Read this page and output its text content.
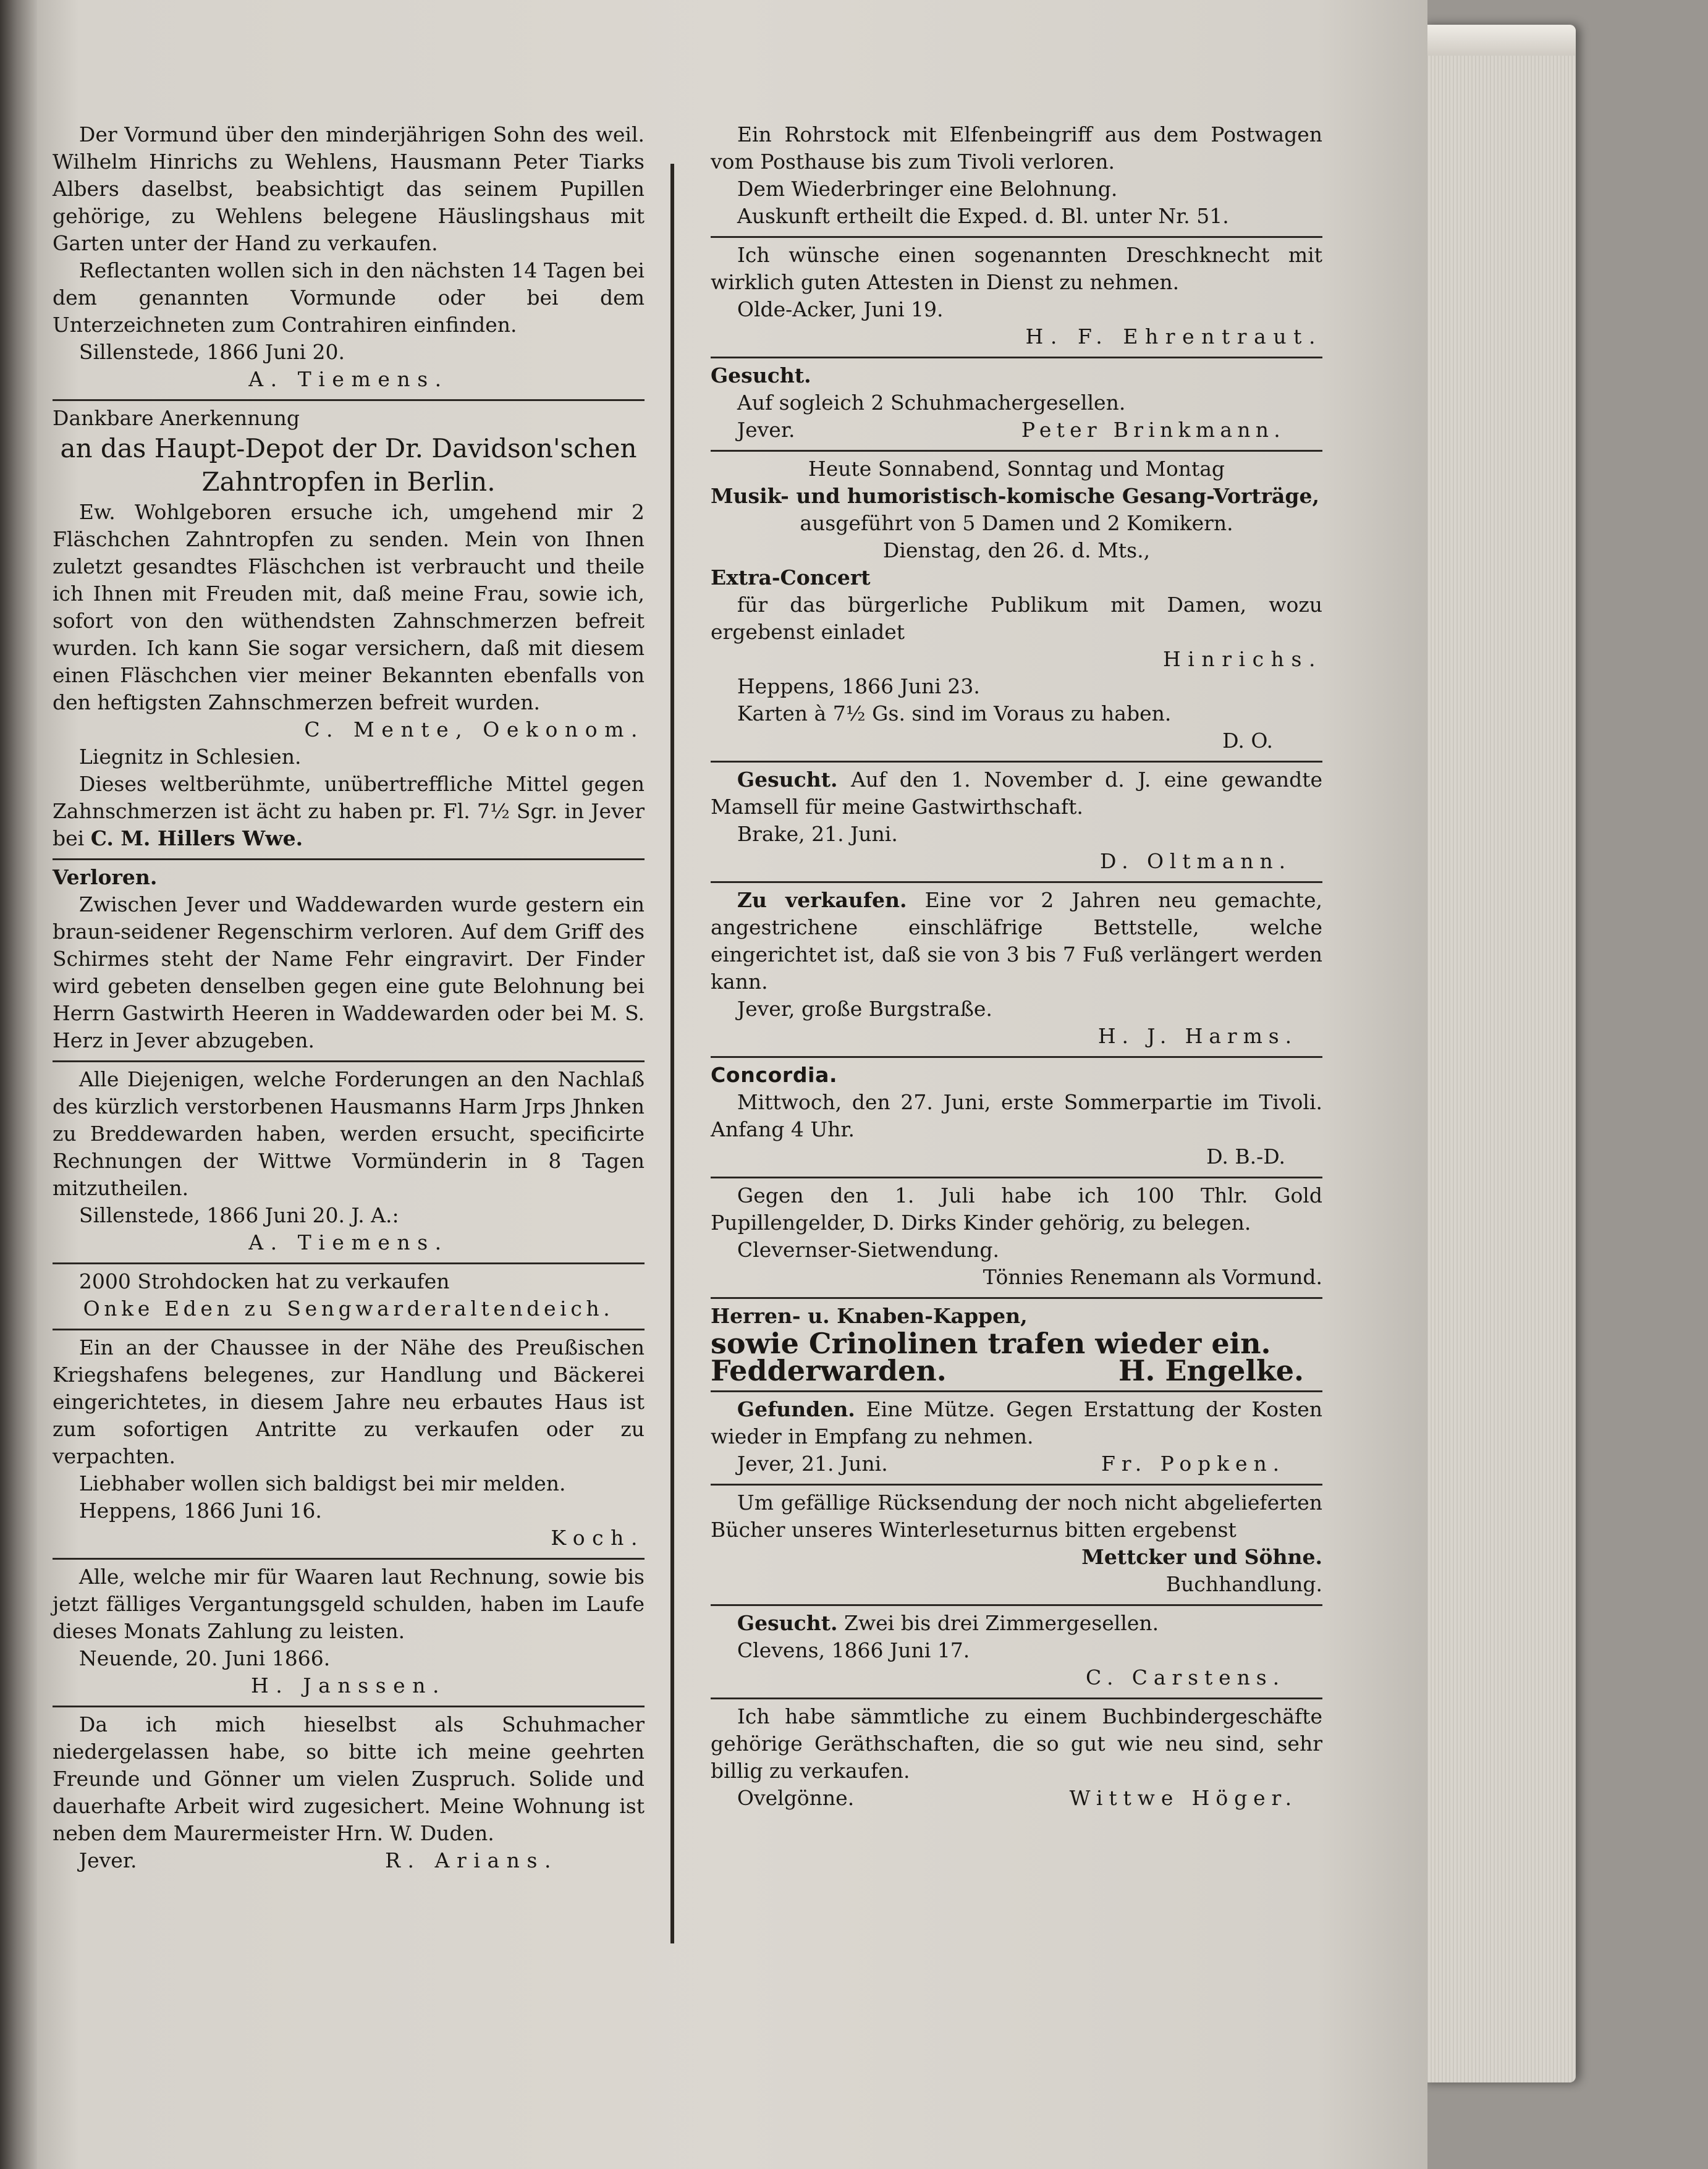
Der Vormund über den minderjährigen Sohn des weil. Wilhelm Hinrichs zu Wehlens, Hausmann Peter Tiarks Albers daselbst, beabsichtigt das seinem Pupillen gehörige, zu Wehlens belegene Häuslingshaus mit Garten unter der Hand zu verkaufen.

Reflectanten wollen sich in den nächsten 14 Tagen bei dem genannten Vormunde oder bei dem Unterzeichneten zum Contrahiren einfinden.

Sillenstede, 1866 Juni 20.

A. Tiemens.

Dankbare Anerkennung

an das Haupt-Depot der Dr. Davidson'schen Zahntropfen in Berlin.

Ew. Wohlgeboren ersuche ich, umgehend mir 2 Fläschchen Zahntropfen zu senden. Mein von Ihnen zuletzt gesandtes Fläschchen ist verbraucht und theile ich Ihnen mit Freuden mit, daß meine Frau, sowie ich, sofort von den wüthendsten Zahnschmerzen befreit wurden. Ich kann Sie sogar versichern, daß mit diesem einen Fläschchen vier meiner Bekannten ebenfalls von den heftigsten Zahnschmerzen befreit wurden.

C. Mente, Oekonom.

Liegnitz in Schlesien.

Dieses weltberühmte, unübertreffliche Mittel gegen Zahnschmerzen ist ächt zu haben pr. Fl. 7½ Sgr. in Jever bei C. M. Hillers Wwe.

Verloren.

Zwischen Jever und Waddewarden wurde gestern ein braun-seidener Regenschirm verloren. Auf dem Griff des Schirmes steht der Name Fehr eingravirt. Der Finder wird gebeten denselben gegen eine gute Belohnung bei Herrn Gastwirth Heeren in Waddewarden oder bei M. S. Herz in Jever abzugeben.

Alle Diejenigen, welche Forderungen an den Nachlaß des kürzlich verstorbenen Hausmanns Harm Jrps Jhnken zu Breddewarden haben, werden ersucht, specificirte Rechnungen der Wittwe Vormünderin in 8 Tagen mitzutheilen.

Sillenstede, 1866 Juni 20. J. A.:

A. Tiemens.

2000 Strohdocken hat zu verkaufen

Onke Eden zu Sengwarderaltendeich.

Ein an der Chaussee in der Nähe des Preußischen Kriegshafens belegenes, zur Handlung und Bäckerei eingerichtetes, in diesem Jahre neu erbautes Haus ist zum sofortigen Antritte zu verkaufen oder zu verpachten.

Liebhaber wollen sich baldigst bei mir melden.

Heppens, 1866 Juni 16.

Koch.

Alle, welche mir für Waaren laut Rechnung, sowie bis jetzt fälliges Vergantungsgeld schulden, haben im Laufe dieses Monats Zahlung zu leisten.

Neuende, 20. Juni 1866.

H. Janssen.

Da ich mich hieselbst als Schuhmacher niedergelassen habe, so bitte ich meine geehrten Freunde und Gönner um vielen Zuspruch. Solide und dauerhafte Arbeit wird zugesichert. Meine Wohnung ist neben dem Maurermeister Hrn. W. Duden.

Jever.	R. Arians.

Ein Rohrstock mit Elfenbeingriff aus dem Postwagen vom Posthause bis zum Tivoli verloren.

Dem Wiederbringer eine Belohnung.

Auskunft ertheilt die Exped. d. Bl. unter Nr. 51.

Ich wünsche einen sogenannten Dreschknecht mit wirklich guten Attesten in Dienst zu nehmen.

Olde-Acker, Juni 19.

H. F. Ehrentraut.

Gesucht.

Auf sogleich 2 Schuhmachergesellen.

Jever.	Peter Brinkmann.

Heute Sonnabend, Sonntag und Montag

Musik- und humoristisch-komische Gesang-Vorträge,

ausgeführt von 5 Damen und 2 Komikern.

Dienstag, den 26. d. Mts.,

Extra-Concert

für das bürgerliche Publikum mit Damen, wozu ergebenst einladet

Hinrichs.

Heppens, 1866 Juni 23.

Karten à 7½ Gs. sind im Voraus zu haben.

D. O.

Gesucht. Auf den 1. November d. J. eine gewandte Mamsell für meine Gastwirthschaft.

Brake, 21. Juni.

D. Oltmann.

Zu verkaufen. Eine vor 2 Jahren neu gemachte, angestrichene einschläfrige Bettstelle, welche eingerichtet ist, daß sie von 3 bis 7 Fuß verlängert werden kann.

Jever, große Burgstraße.

H. J. Harms.

Concordia.

Mittwoch, den 27. Juni, erste Sommerpartie im Tivoli. Anfang 4 Uhr.

D. B.-D.

Gegen den 1. Juli habe ich 100 Thlr. Gold Pupillengelder, D. Dirks Kinder gehörig, zu belegen.

Clevernser-Sietwendung.

Tönnies Renemann als Vormund.

Herren- u. Knaben-Kappen,

sowie Crinolinen trafen wieder ein.

Fedderwarden.	H. Engelke.

Gefunden. Eine Mütze. Gegen Erstattung der Kosten wieder in Empfang zu nehmen.

Jever, 21. Juni.	Fr. Popken.

Um gefällige Rücksendung der noch nicht abgelieferten Bücher unseres Winterleseturnus bitten ergebenst

Mettcker und Söhne.

Buchhandlung.

Gesucht. Zwei bis drei Zimmergesellen.

Clevens, 1866 Juni 17.

C. Carstens.

Ich habe sämmtliche zu einem Buchbindergeschäfte gehörige Geräthschaften, die so gut wie neu sind, sehr billig zu verkaufen.

Ovelgönne.	Wittwe Höger.
